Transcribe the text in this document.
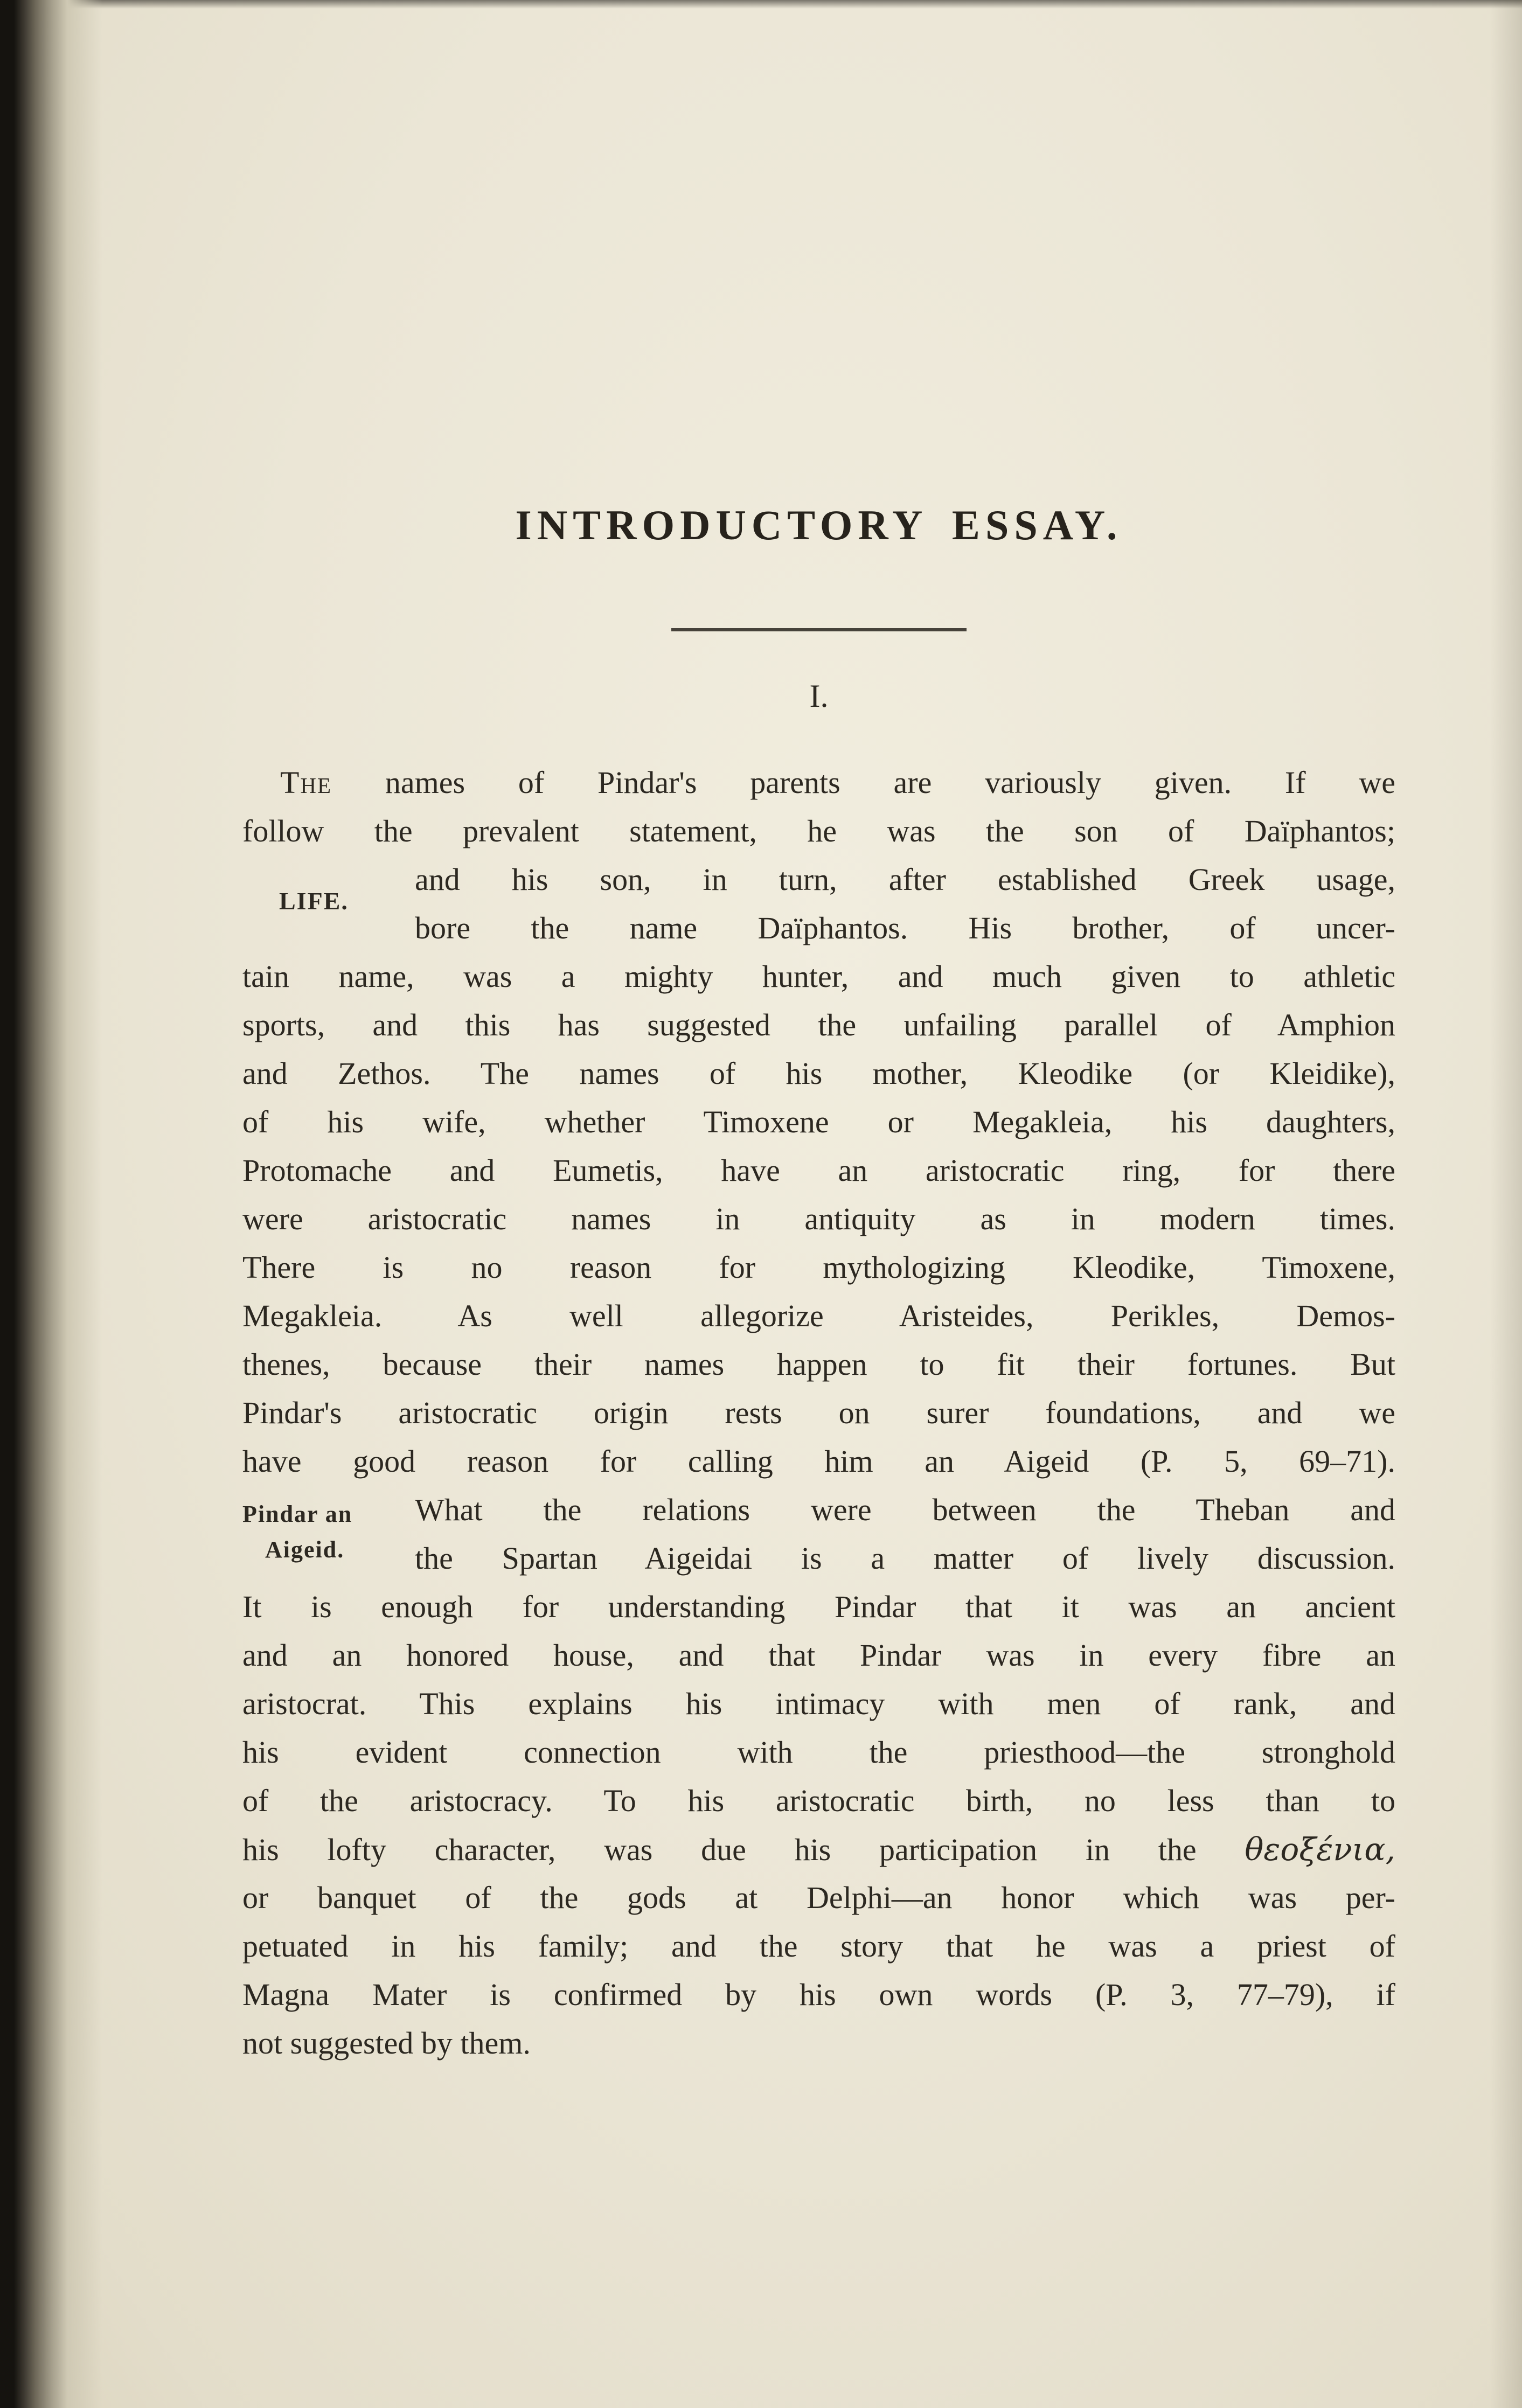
INTRODUCTORY ESSAY.
I.
The names of Pindar's parents are variously given. If we
follow the prevalent statement, he was the son of Daïphantos;
LIFE.
and his son, in turn, after established Greek usage,
bore the name Daïphantos. His brother, of uncer-
tain name, was a mighty hunter, and much given to athletic
sports, and this has suggested the unfailing parallel of Amphion
and Zethos. The names of his mother, Kleodike (or Kleidike),
of his wife, whether Timoxene or Megakleia, his daughters,
Protomache and Eumetis, have an aristocratic ring, for there
were aristocratic names in antiquity as in modern times.
There is no reason for mythologizing Kleodike, Timoxene,
Megakleia. As well allegorize Aristeides, Perikles, Demos-
thenes, because their names happen to fit their fortunes. But
Pindar's aristocratic origin rests on surer foundations, and we
have good reason for calling him an Aigeid (P. 5, 69–71).
Pindar an
Aigeid.
What the relations were between the Theban and
the Spartan Aigeidai is a matter of lively discussion.
It is enough for understanding Pindar that it was an ancient
and an honored house, and that Pindar was in every fibre an
aristocrat. This explains his intimacy with men of rank, and
his evident connection with the priesthood—the stronghold
of the aristocracy. To his aristocratic birth, no less than to
his lofty character, was due his participation in the θεοξένια,
or banquet of the gods at Delphi—an honor which was per-
petuated in his family; and the story that he was a priest of
Magna Mater is confirmed by his own words (P. 3, 77–79), if
not suggested by them.
